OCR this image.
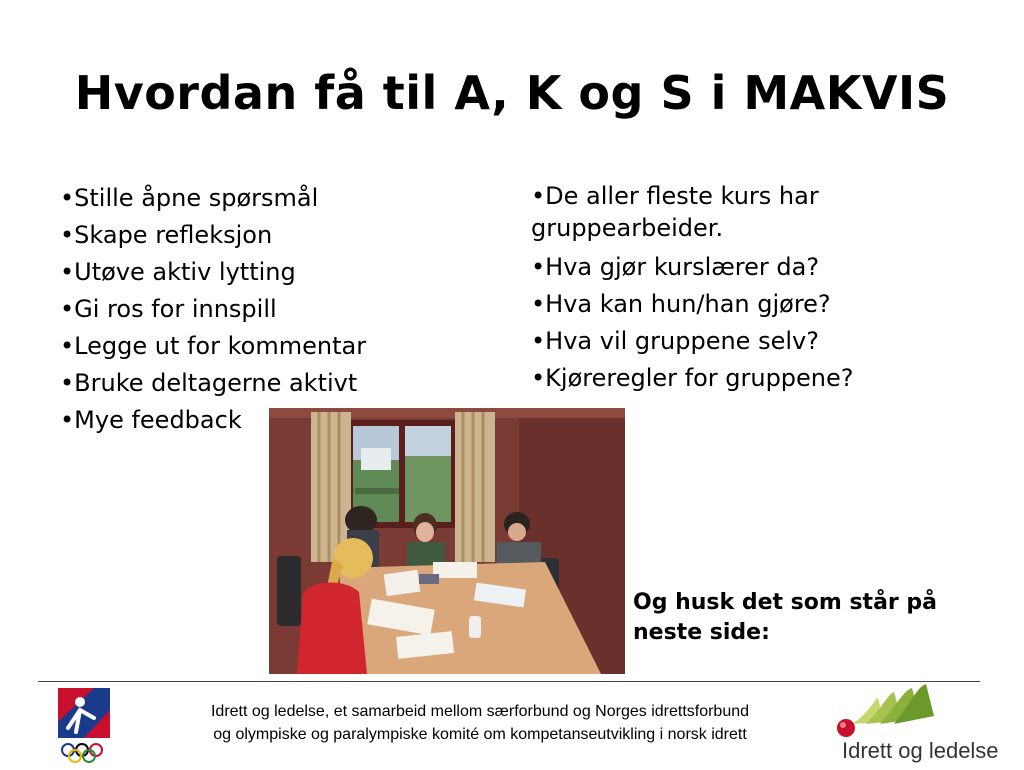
Hvordan få til A, K og S i MAKVIS
• Stille åpne spørsmål
• Skape refleksjon
• Utøve aktiv lytting
• Gi ros for innspill
• Legge ut for kommentar
• Bruke deltagerne aktivt
• Mye feedback
• De aller fleste kurs har gruppearbeider.
• Hva gjør kurslærer da?
• Hva kan hun/han gjøre?
• Hva vil gruppene selv?
• Kjøreregler for gruppene?

Og husk det som står på neste side:

Idrett og ledelse, et samarbeid mellom særforbund og Norges idrettsforbund
og olympiske og paralympiske komité om kompetanseutvikling i norsk idrett

Idrett og ledelse
